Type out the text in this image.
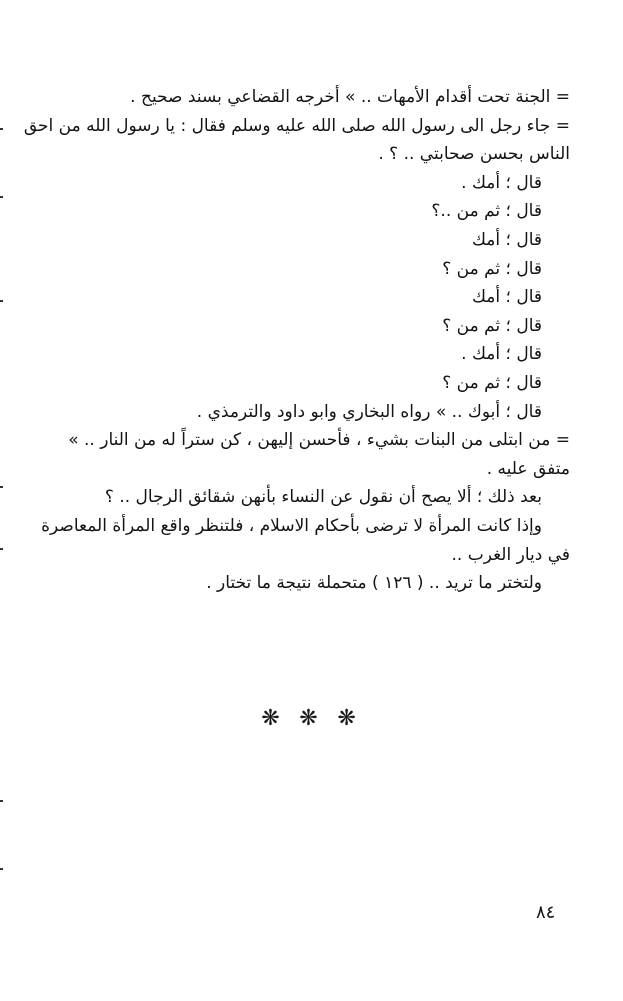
= الجنة تحت أقدام الأمهات .. » أخرجه القضاعي بسند صحيح .
= جاء رجل الى رسول الله صلى الله عليه وسلم فقال : يا رسول الله من احق
الناس بحسن صحابتي .. ؟ .
قال ؛ أمك .
قال ؛ ثم من ..؟
قال ؛ أمك
قال ؛ ثم من ؟
قال ؛ أمك
قال ؛ ثم من ؟
قال ؛ أمك .
قال ؛ ثم من ؟
قال ؛ أبوك .. » رواه البخاري وابو داود والترمذي .
= من ابتلى من البنات بشيء ، فأحسن إليهن ، كن ستراً له من النار .. »
متفق عليه .
بعد ذلك ؛ ألا يصح أن نقول عن النساء بأنهن شقائق الرجال .. ؟
وإذا كانت المرأة لا ترضى بأحكام الاسلام ، فلتنظر واقع المرأة المعاصرة
في ديار الغرب ..
ولتختر ما تريد .. ( ١٢٦ ) متحملة نتيجة ما تختار .
❋ ❋ ❋
٨٤
